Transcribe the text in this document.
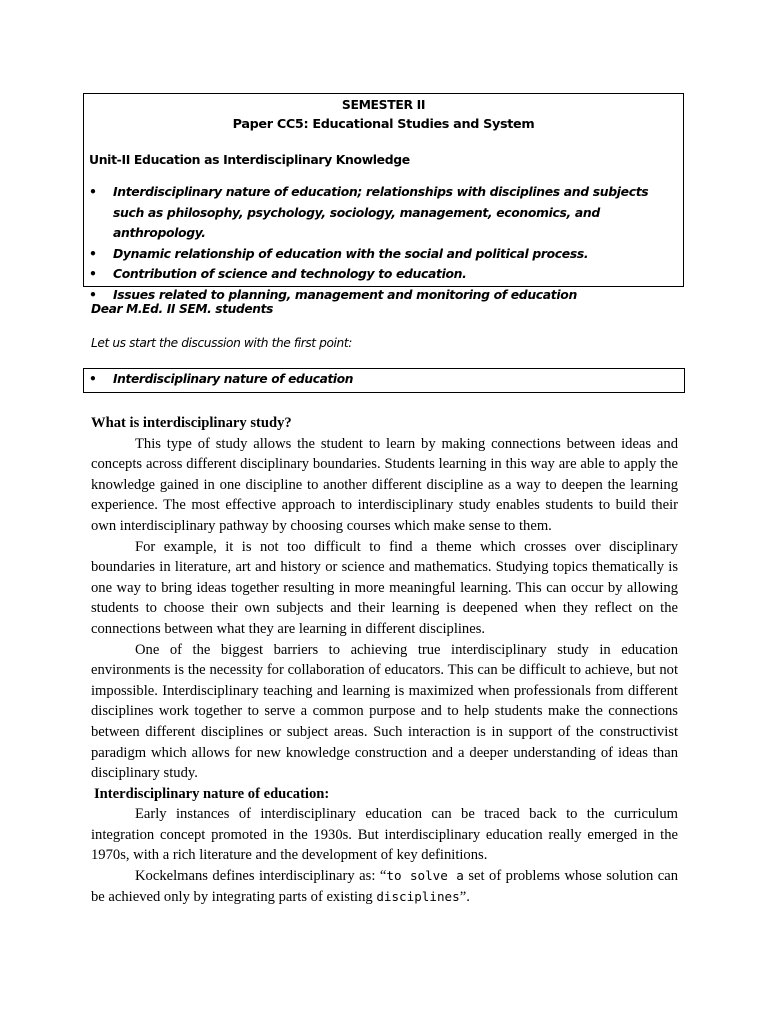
SEMESTER II
Paper CC5: Educational Studies and System
Unit-II Education as Interdisciplinary Knowledge
• Interdisciplinary nature of education; relationships with disciplines and subjects such as philosophy, psychology, sociology, management, economics, and anthropology.
• Dynamic relationship of education with the social and political process.
• Contribution of science and technology to education.
• Issues related to planning, management and monitoring of education
Dear M.Ed. II SEM. students
Let us start the discussion with the first point:
• Interdisciplinary nature of education
What is interdisciplinary study?

This type of study allows the student to learn by making connections between ideas and concepts across different disciplinary boundaries. Students learning in this way are able to apply the knowledge gained in one discipline to another different discipline as a way to deepen the learning experience. The most effective approach to interdisciplinary study enables students to build their own interdisciplinary pathway by choosing courses which make sense to them.

For example, it is not too difficult to find a theme which crosses over disciplinary boundaries in literature, art and history or science and mathematics. Studying topics thematically is one way to bring ideas together resulting in more meaningful learning. This can occur by allowing students to choose their own subjects and their learning is deepened when they reflect on the connections between what they are learning in different disciplines.

One of the biggest barriers to achieving true interdisciplinary study in education environments is the necessity for collaboration of educators. This can be difficult to achieve, but not impossible. Interdisciplinary teaching and learning is maximized when professionals from different disciplines work together to serve a common purpose and to help students make the connections between different disciplines or subject areas. Such interaction is in support of the constructivist paradigm which allows for new knowledge construction and a deeper understanding of ideas than disciplinary study.

Interdisciplinary nature of education:

Early instances of interdisciplinary education can be traced back to the curriculum integration concept promoted in the 1930s. But interdisciplinary education really emerged in the 1970s, with a rich literature and the development of key definitions.

Kockelmans defines interdisciplinary as: “to solve a set of problems whose solution can be achieved only by integrating parts of existing disciplines”.
